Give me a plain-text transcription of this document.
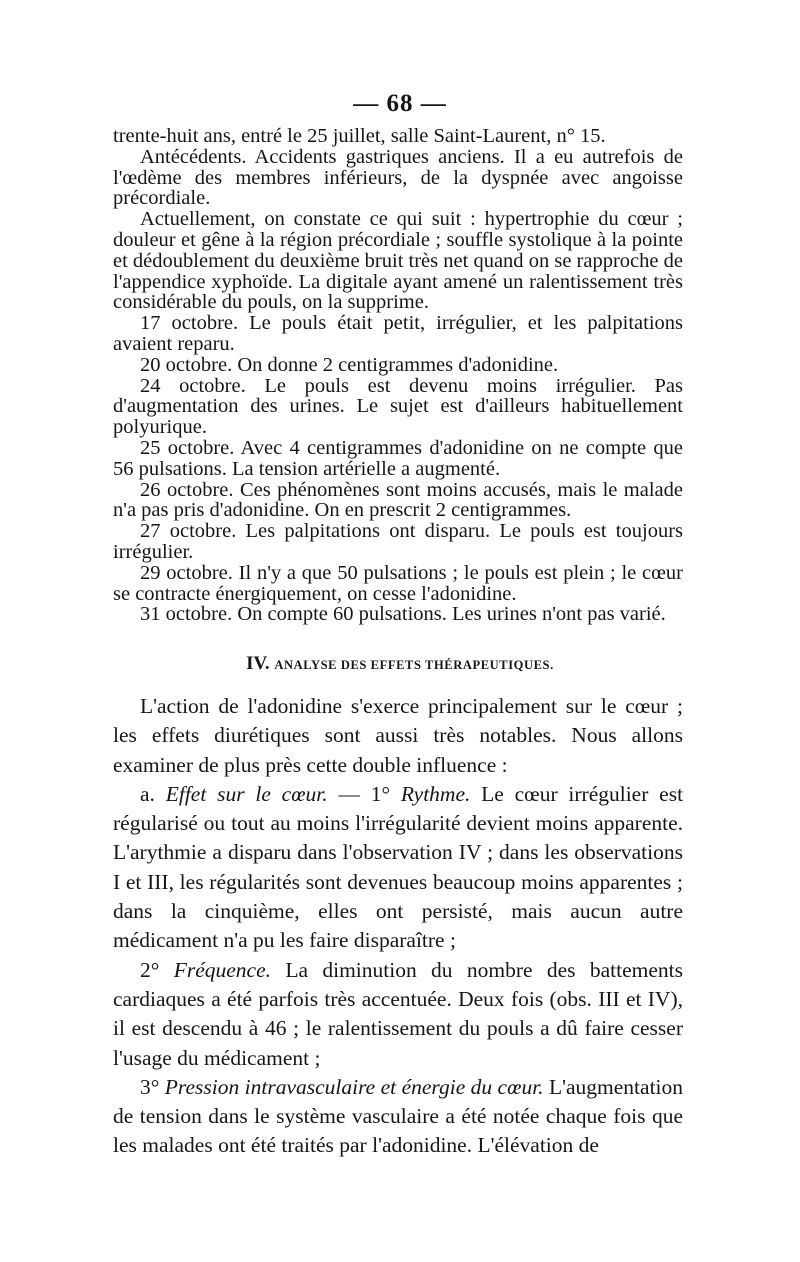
— 68 —

trente-huit ans, entré le 25 juillet, salle Saint-Laurent, n° 15.

Antécédents. Accidents gastriques anciens. Il a eu autrefois de l'œdème des membres inférieurs, de la dyspnée avec angoisse précordiale.

Actuellement, on constate ce qui suit : hypertrophie du cœur ; douleur et gêne à la région précordiale ; souffle systolique à la pointe et dédoublement du deuxième bruit très net quand on se rapproche de l'appendice xyphoïde. La digitale ayant amené un ralentissement très considérable du pouls, on la supprime.

17 octobre. Le pouls était petit, irrégulier, et les palpitations avaient reparu.

20 octobre. On donne 2 centigrammes d'adonidine.

24 octobre. Le pouls est devenu moins irrégulier. Pas d'augmentation des urines. Le sujet est d'ailleurs habituellement polyurique.

25 octobre. Avec 4 centigrammes d'adonidine on ne compte que 56 pulsations. La tension artérielle a augmenté.

26 octobre. Ces phénomènes sont moins accusés, mais le malade n'a pas pris d'adonidine. On en prescrit 2 centigrammes.

27 octobre. Les palpitations ont disparu. Le pouls est toujours irrégulier.

29 octobre. Il n'y a que 50 pulsations ; le pouls est plein ; le cœur se contracte énergiquement, on cesse l'adonidine.

31 octobre. On compte 60 pulsations. Les urines n'ont pas varié.

IV. ANALYSE DES EFFETS THÉRAPEUTIQUES.

L'action de l'adonidine s'exerce principalement sur le cœur ; les effets diurétiques sont aussi très notables. Nous allons examiner de plus près cette double influence :

a. Effet sur le cœur. — 1° Rythme. Le cœur irrégulier est régularisé ou tout au moins l'irrégularité devient moins apparente. L'arythmie a disparu dans l'observation IV ; dans les observations I et III, les régularités sont devenues beaucoup moins apparentes ; dans la cinquième, elles ont persisté, mais aucun autre médicament n'a pu les faire disparaître ;

2° Fréquence. La diminution du nombre des battements cardiaques a été parfois très accentuée. Deux fois (obs. III et IV), il est descendu à 46 ; le ralentissement du pouls a dû faire cesser l'usage du médicament ;

3° Pression intravasculaire et énergie du cœur. L'augmentation de tension dans le système vasculaire a été notée chaque fois que les malades ont été traités par l'adonidine. L'élévation de
